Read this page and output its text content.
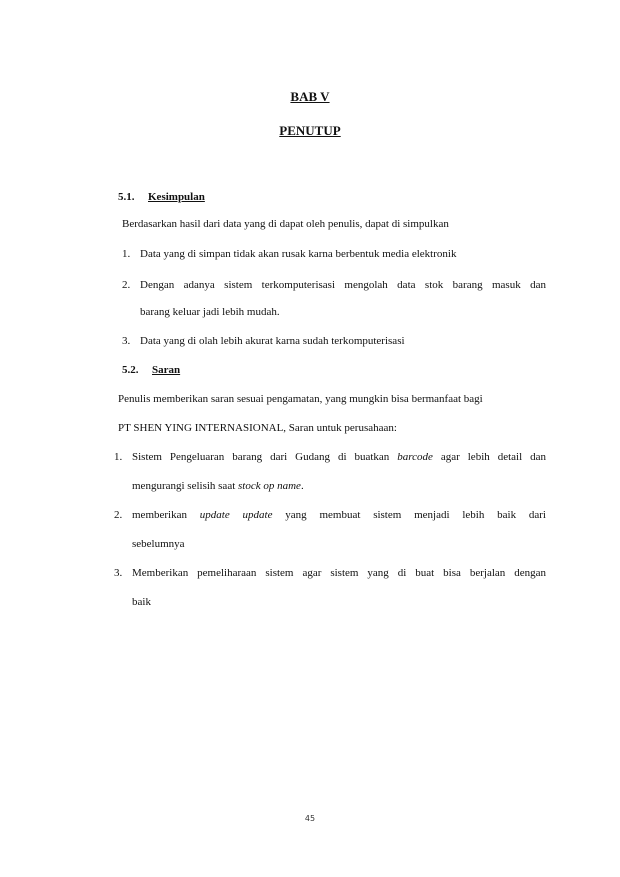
BAB V
PENUTUP
5.1. Kesimpulan
Berdasarkan hasil dari data yang di dapat oleh penulis, dapat di simpulkan
1. Data yang di simpan tidak akan rusak karna berbentuk media elektronik
2. Dengan adanya sistem terkomputerisasi mengolah data stok barang masuk dan
barang keluar jadi lebih mudah.
3. Data yang di olah lebih akurat karna sudah terkomputerisasi
5.2. Saran
Penulis memberikan saran sesuai pengamatan, yang mungkin bisa bermanfaat bagi
PT SHEN YING INTERNASIONAL, Saran untuk perusahaan:
1. Sistem Pengeluaran barang dari Gudang di buatkan barcode agar lebih detail dan
mengurangi selisih saat stock op name.
2. memberikan update update yang membuat sistem menjadi lebih baik dari
sebelumnya
3. Memberikan pemeliharaan sistem agar sistem yang di buat bisa berjalan dengan
baik
45
